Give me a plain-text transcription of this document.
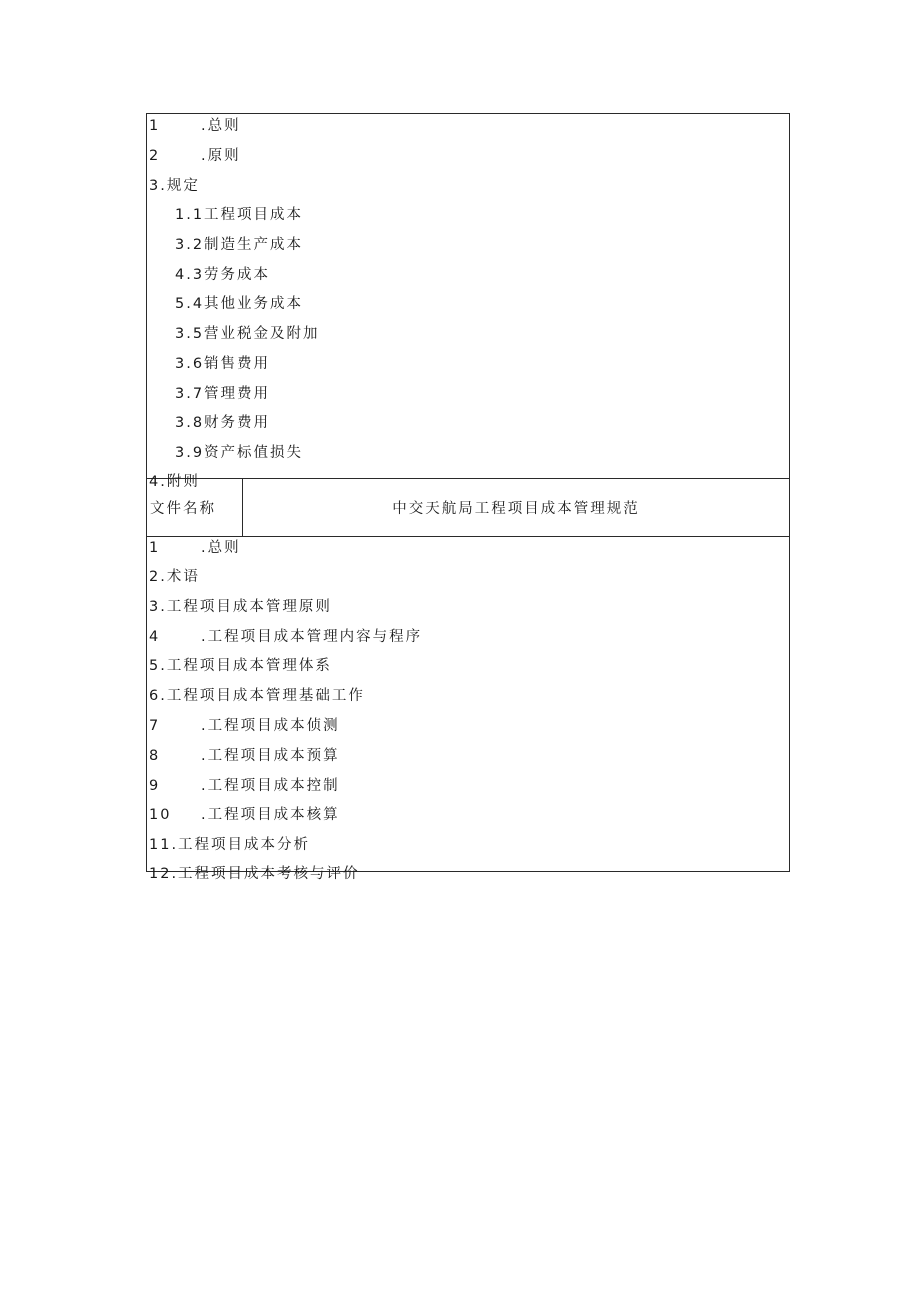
1	.总则
2	.原则
3.规定
1.1工程项目成本
3.2制造生产成本
4.3劳务成本
5.4其他业务成本
3.5营业税金及附加
3.6销售费用
3.7管理费用
3.8财务费用
3.9资产标值损失
4.附则
文件名称	中交天航局工程项目成本管理规范
1	.总则
2.术语
3.工程项目成本管理原则
4	.工程项目成本管理内容与程序
5.工程项目成本管理体系
6.工程项目成本管理基础工作
7	.工程项目成本侦测
8	.工程项目成本预算
9	.工程项目成本控制
10 .工程项目成本核算
11.工程项目成本分析
12.工程项目成本考核与评价
